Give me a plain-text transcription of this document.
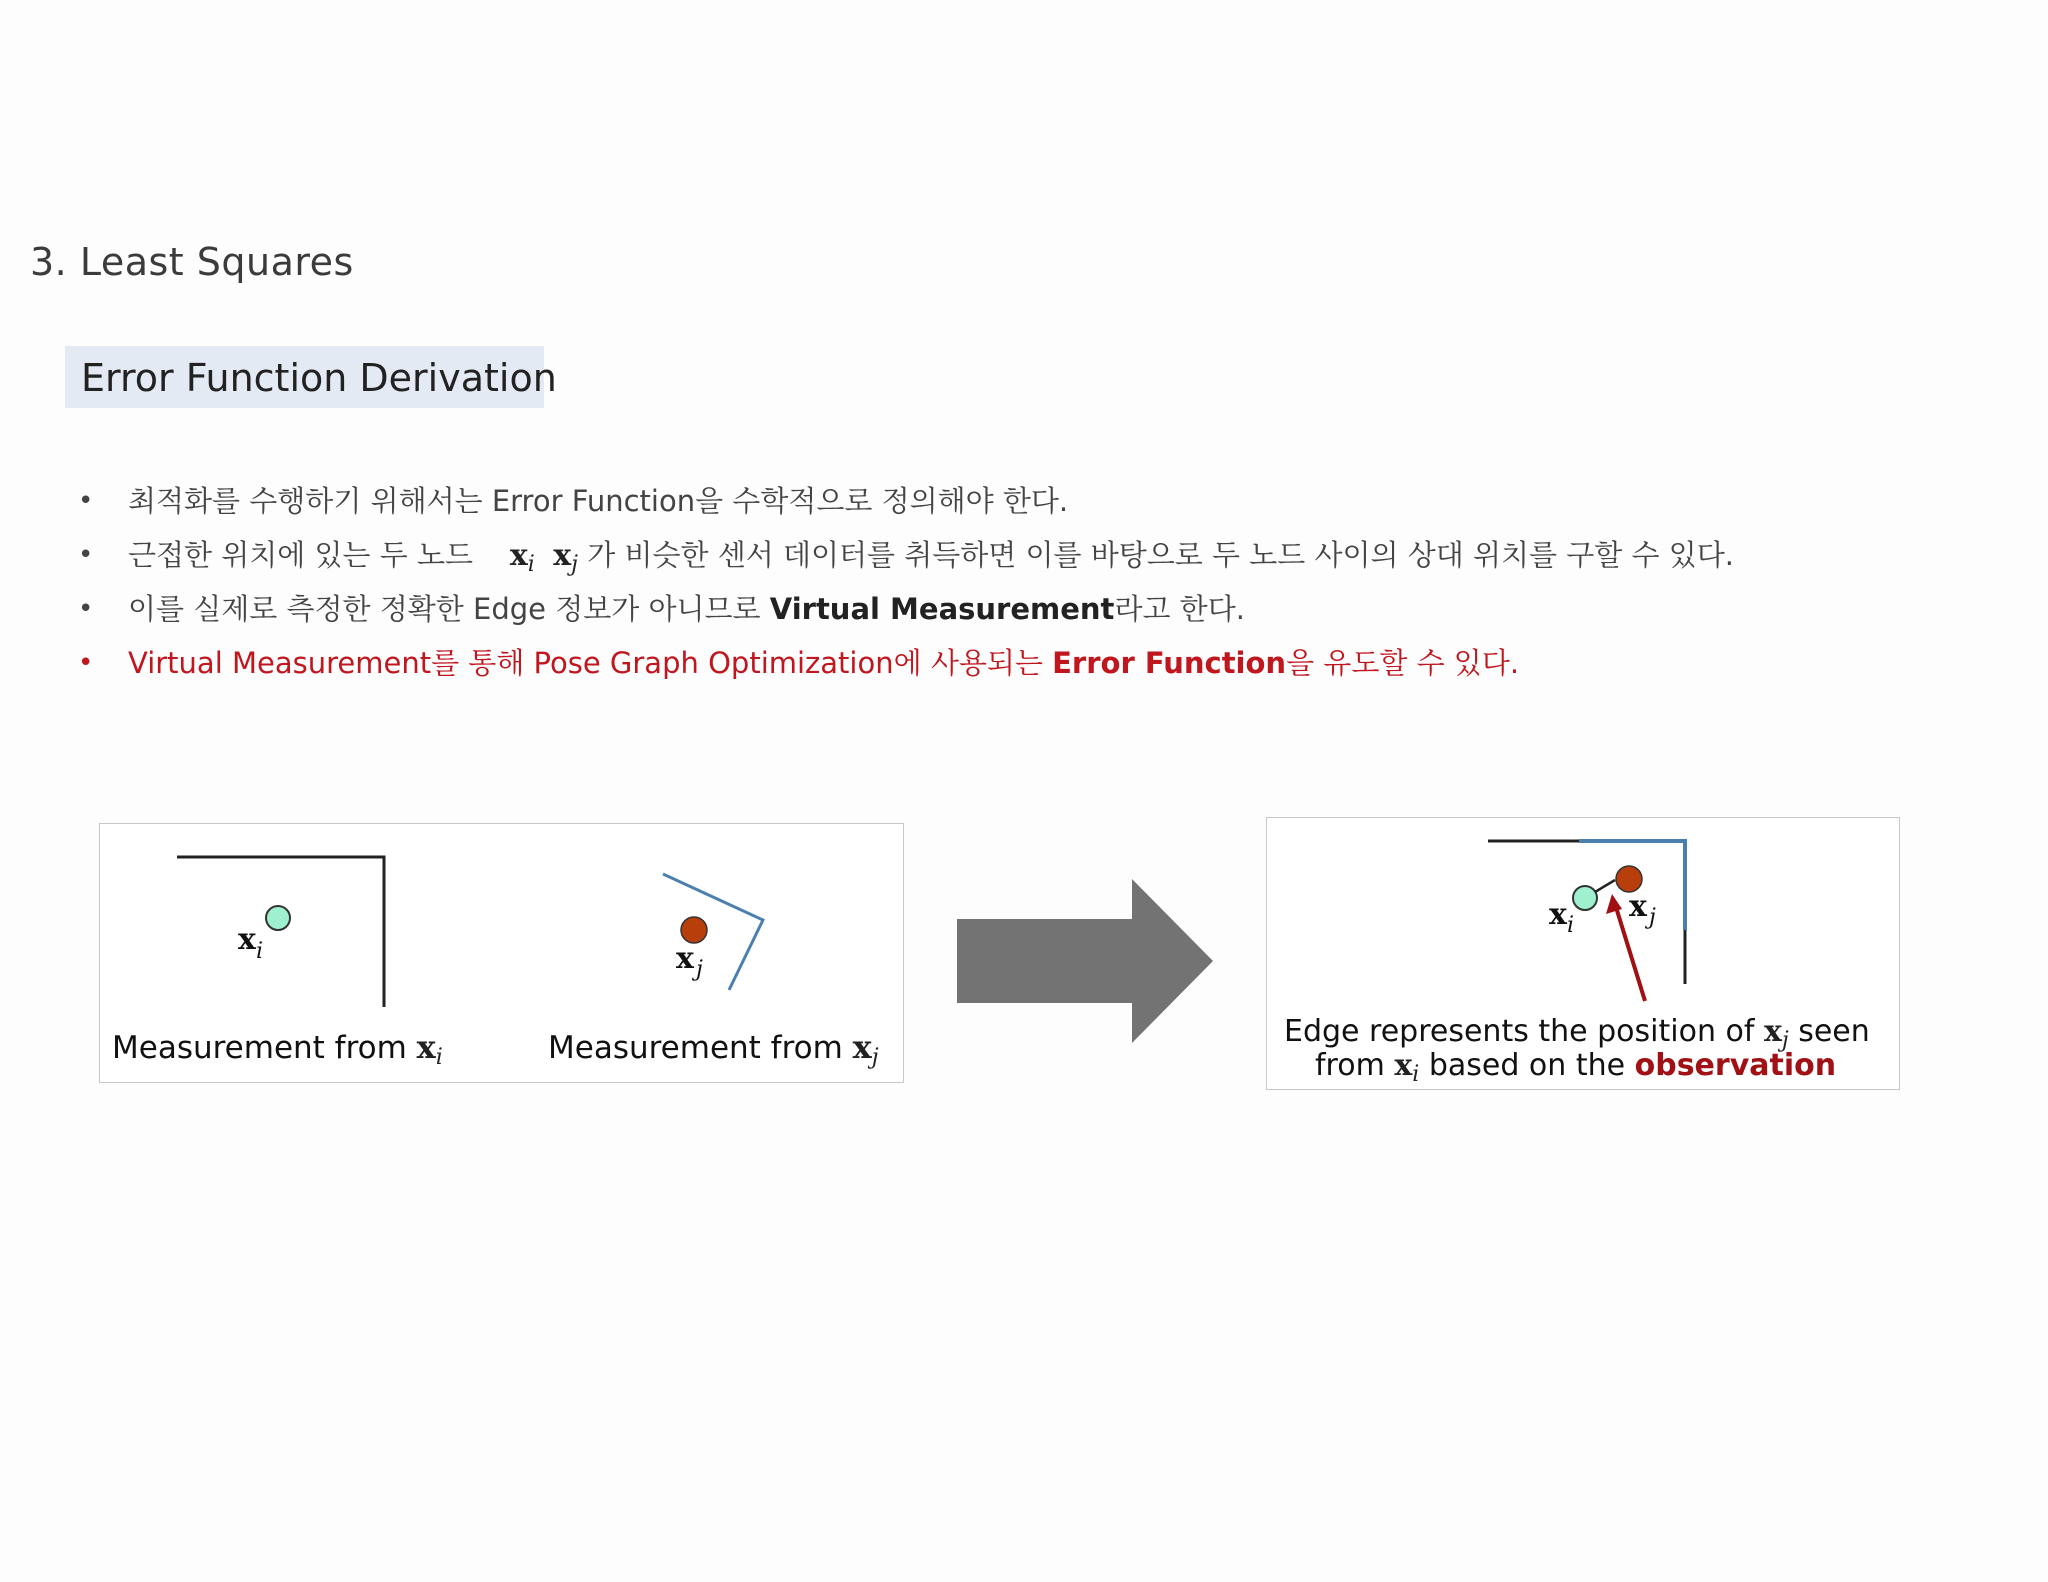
3. Least Squares
Error Function Derivation
• 최적화를 수행하기 위해서는 Error Function을 수학적으로 정의해야 한다.
• 근접한 위치에 있는 두 노드 $x_i$ $x_j$ 가 비슷한 센서 데이터를 취득하면 이를 바탕으로 두 노드 사이의 상대 위치를 구할 수 있다.
• 이를 실제로 측정한 정확한 Edge 정보가 아니므로 Virtual Measurement라고 한다.
• Virtual Measurement를 통해 Pose Graph Optimization에 사용되는 Error Function을 유도할 수 있다.
x i	x j
Measurement from xi	Measurement from xj
x i
x j
Edge represents the position of $x_j$ seen
from $x_i$ based on the observation
